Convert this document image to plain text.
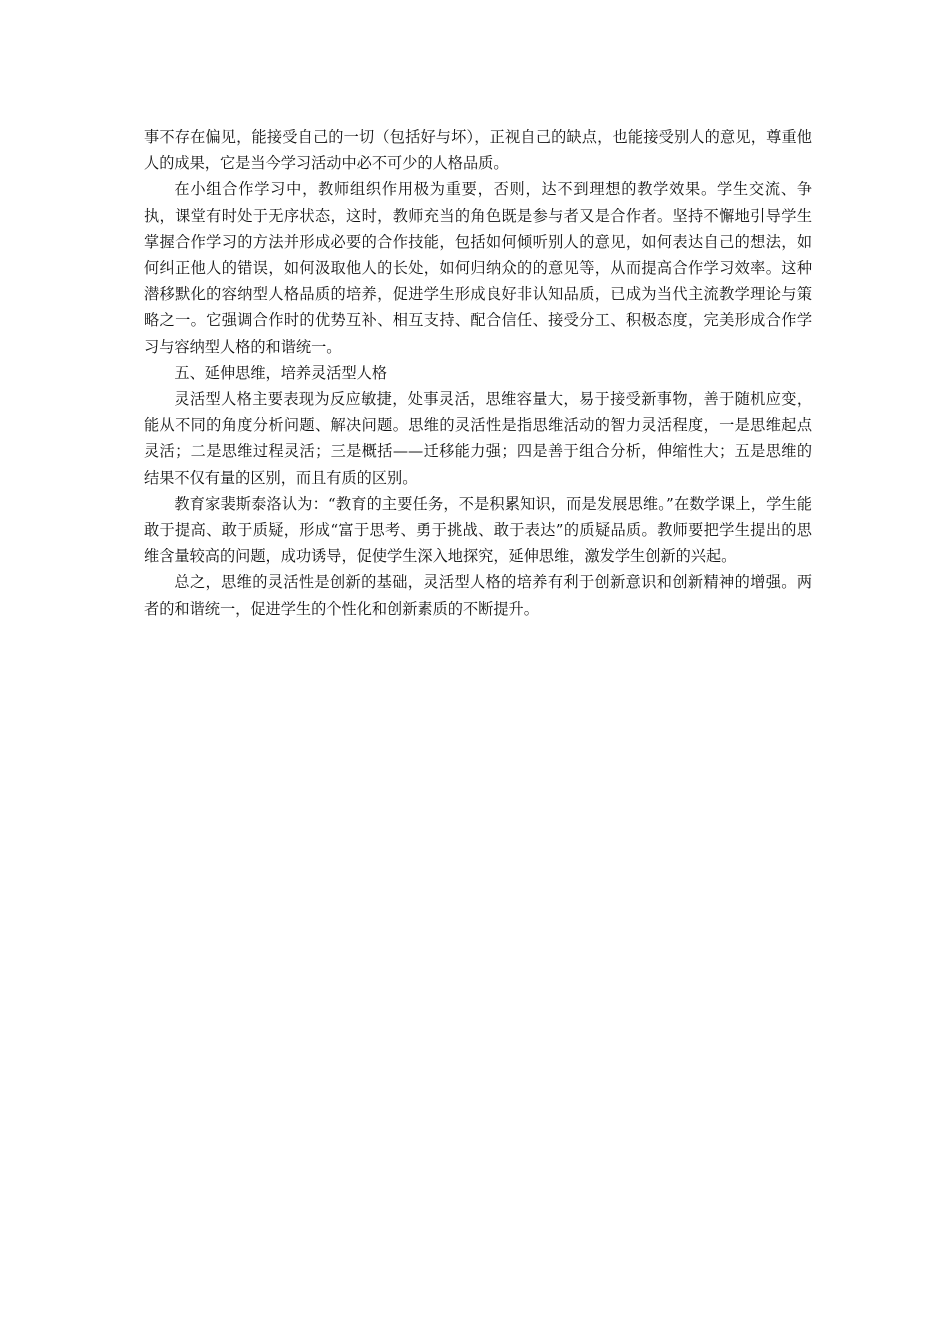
事不存在偏见，能接受自己的一切（包括好与坏），正视自己的缺点，也能接受别人的意见，尊重他人的成果，它是当今学习活动中必不可少的人格品质。

在小组合作学习中，教师组织作用极为重要，否则，达不到理想的教学效果。学生交流、争执，课堂有时处于无序状态，这时，教师充当的角色既是参与者又是合作者。坚持不懈地引导学生掌握合作学习的方法并形成必要的合作技能，包括如何倾听别人的意见，如何表达自己的想法，如何纠正他人的错误，如何汲取他人的长处，如何归纳众的的意见等，从而提高合作学习效率。这种潜移默化的容纳型人格品质的培养，促进学生形成良好非认知品质，已成为当代主流教学理论与策略之一。它强调合作时的优势互补、相互支持、配合信任、接受分工、积极态度，完美形成合作学习与容纳型人格的和谐统一。

五、延伸思维，培养灵活型人格

灵活型人格主要表现为反应敏捷，处事灵活，思维容量大，易于接受新事物，善于随机应变，能从不同的角度分析问题、解决问题。思维的灵活性是指思维活动的智力灵活程度，一是思维起点灵活；二是思维过程灵活；三是概括——迁移能力强；四是善于组合分析，伸缩性大；五是思维的结果不仅有量的区别，而且有质的区别。

教育家裴斯泰洛认为：“教育的主要任务，不是积累知识，而是发展思维。”在数学课上，学生能敢于提高、敢于质疑，形成“富于思考、勇于挑战、敢于表达”的质疑品质。教师要把学生提出的思维含量较高的问题，成功诱导，促使学生深入地探究，延伸思维，激发学生创新的兴起。

总之，思维的灵活性是创新的基础，灵活型人格的培养有利于创新意识和创新精神的增强。两者的和谐统一，促进学生的个性化和创新素质的不断提升。
